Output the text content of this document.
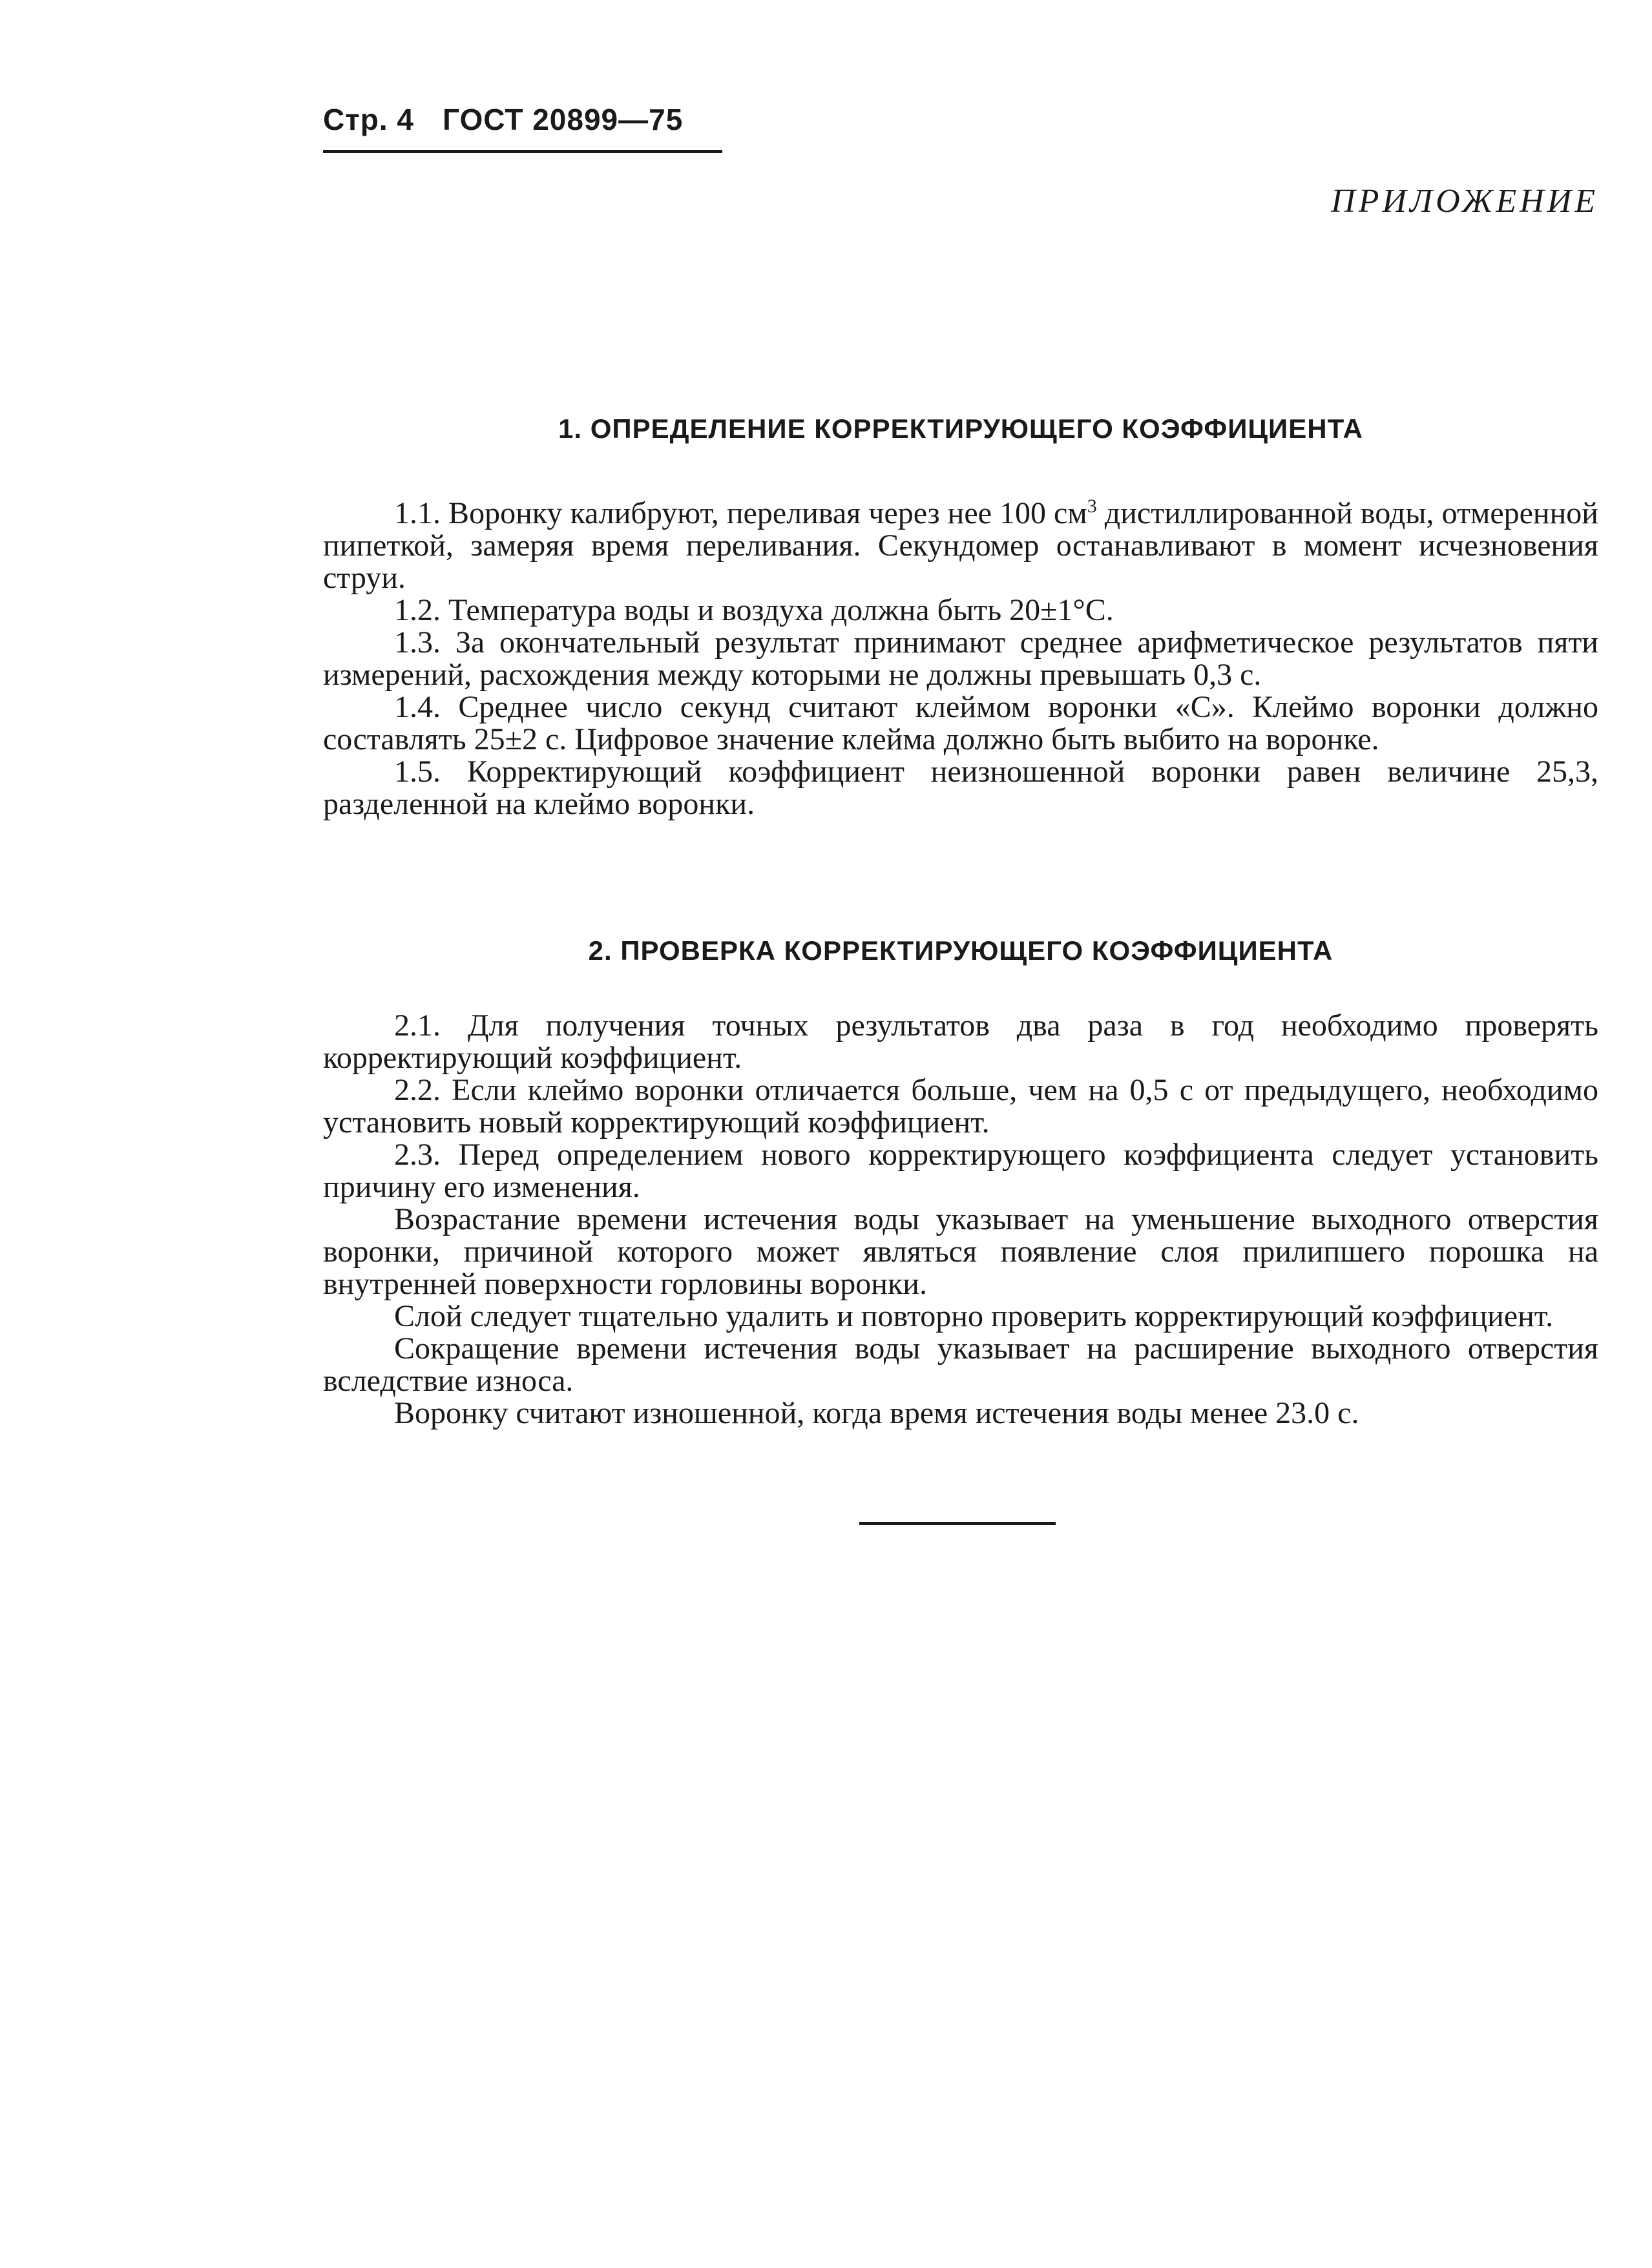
Стр. 4 ГОСТ 20899—75
ПРИЛОЖЕНИЕ
1. ОПРЕДЕЛЕНИЕ КОРРЕКТИРУЮЩЕГО КОЭФФИЦИЕНТА

1.1. Воронку калибруют, переливая через нее 100 $см^3$ дистиллированной воды, отмеренной пипеткой, замеряя время переливания. Секундомер останавливают в момент исчезновения струи.

1.2. Температура воды и воздуха должна быть 20±1°С.

1.3. За окончательный результат принимают среднее арифметическое результатов пяти измерений, расхождения между которыми не должны превышать 0,3 с.

1.4. Среднее число секунд считают клеймом воронки «С». Клеймо воронки должно составлять 25±2 с. Цифровое значение клейма должно быть выбито на воронке.

1.5. Корректирующий коэффициент неизношенной воронки равен величине 25,3, разделенной на клеймо воронки.

2. ПРОВЕРКА КОРРЕКТИРУЮЩЕГО КОЭФФИЦИЕНТА

2.1. Для получения точных результатов два раза в год необходимо проверять корректирующий коэффициент.

2.2. Если клеймо воронки отличается больше, чем на 0,5 с от предыдущего, необходимо установить новый корректирующий коэффициент.

2.3. Перед определением нового корректирующего коэффициента следует установить причину его изменения.

Возрастание времени истечения воды указывает на уменьшение выходного отверстия воронки, причиной которого может являться появление слоя прилипшего порошка на внутренней поверхности горловины воронки.

Слой следует тщательно удалить и повторно проверить корректирующий коэффициент.

Сокращение времени истечения воды указывает на расширение выходного отверстия вследствие износа.

Воронку считают изношенной, когда время истечения воды менее 23.0 с.
